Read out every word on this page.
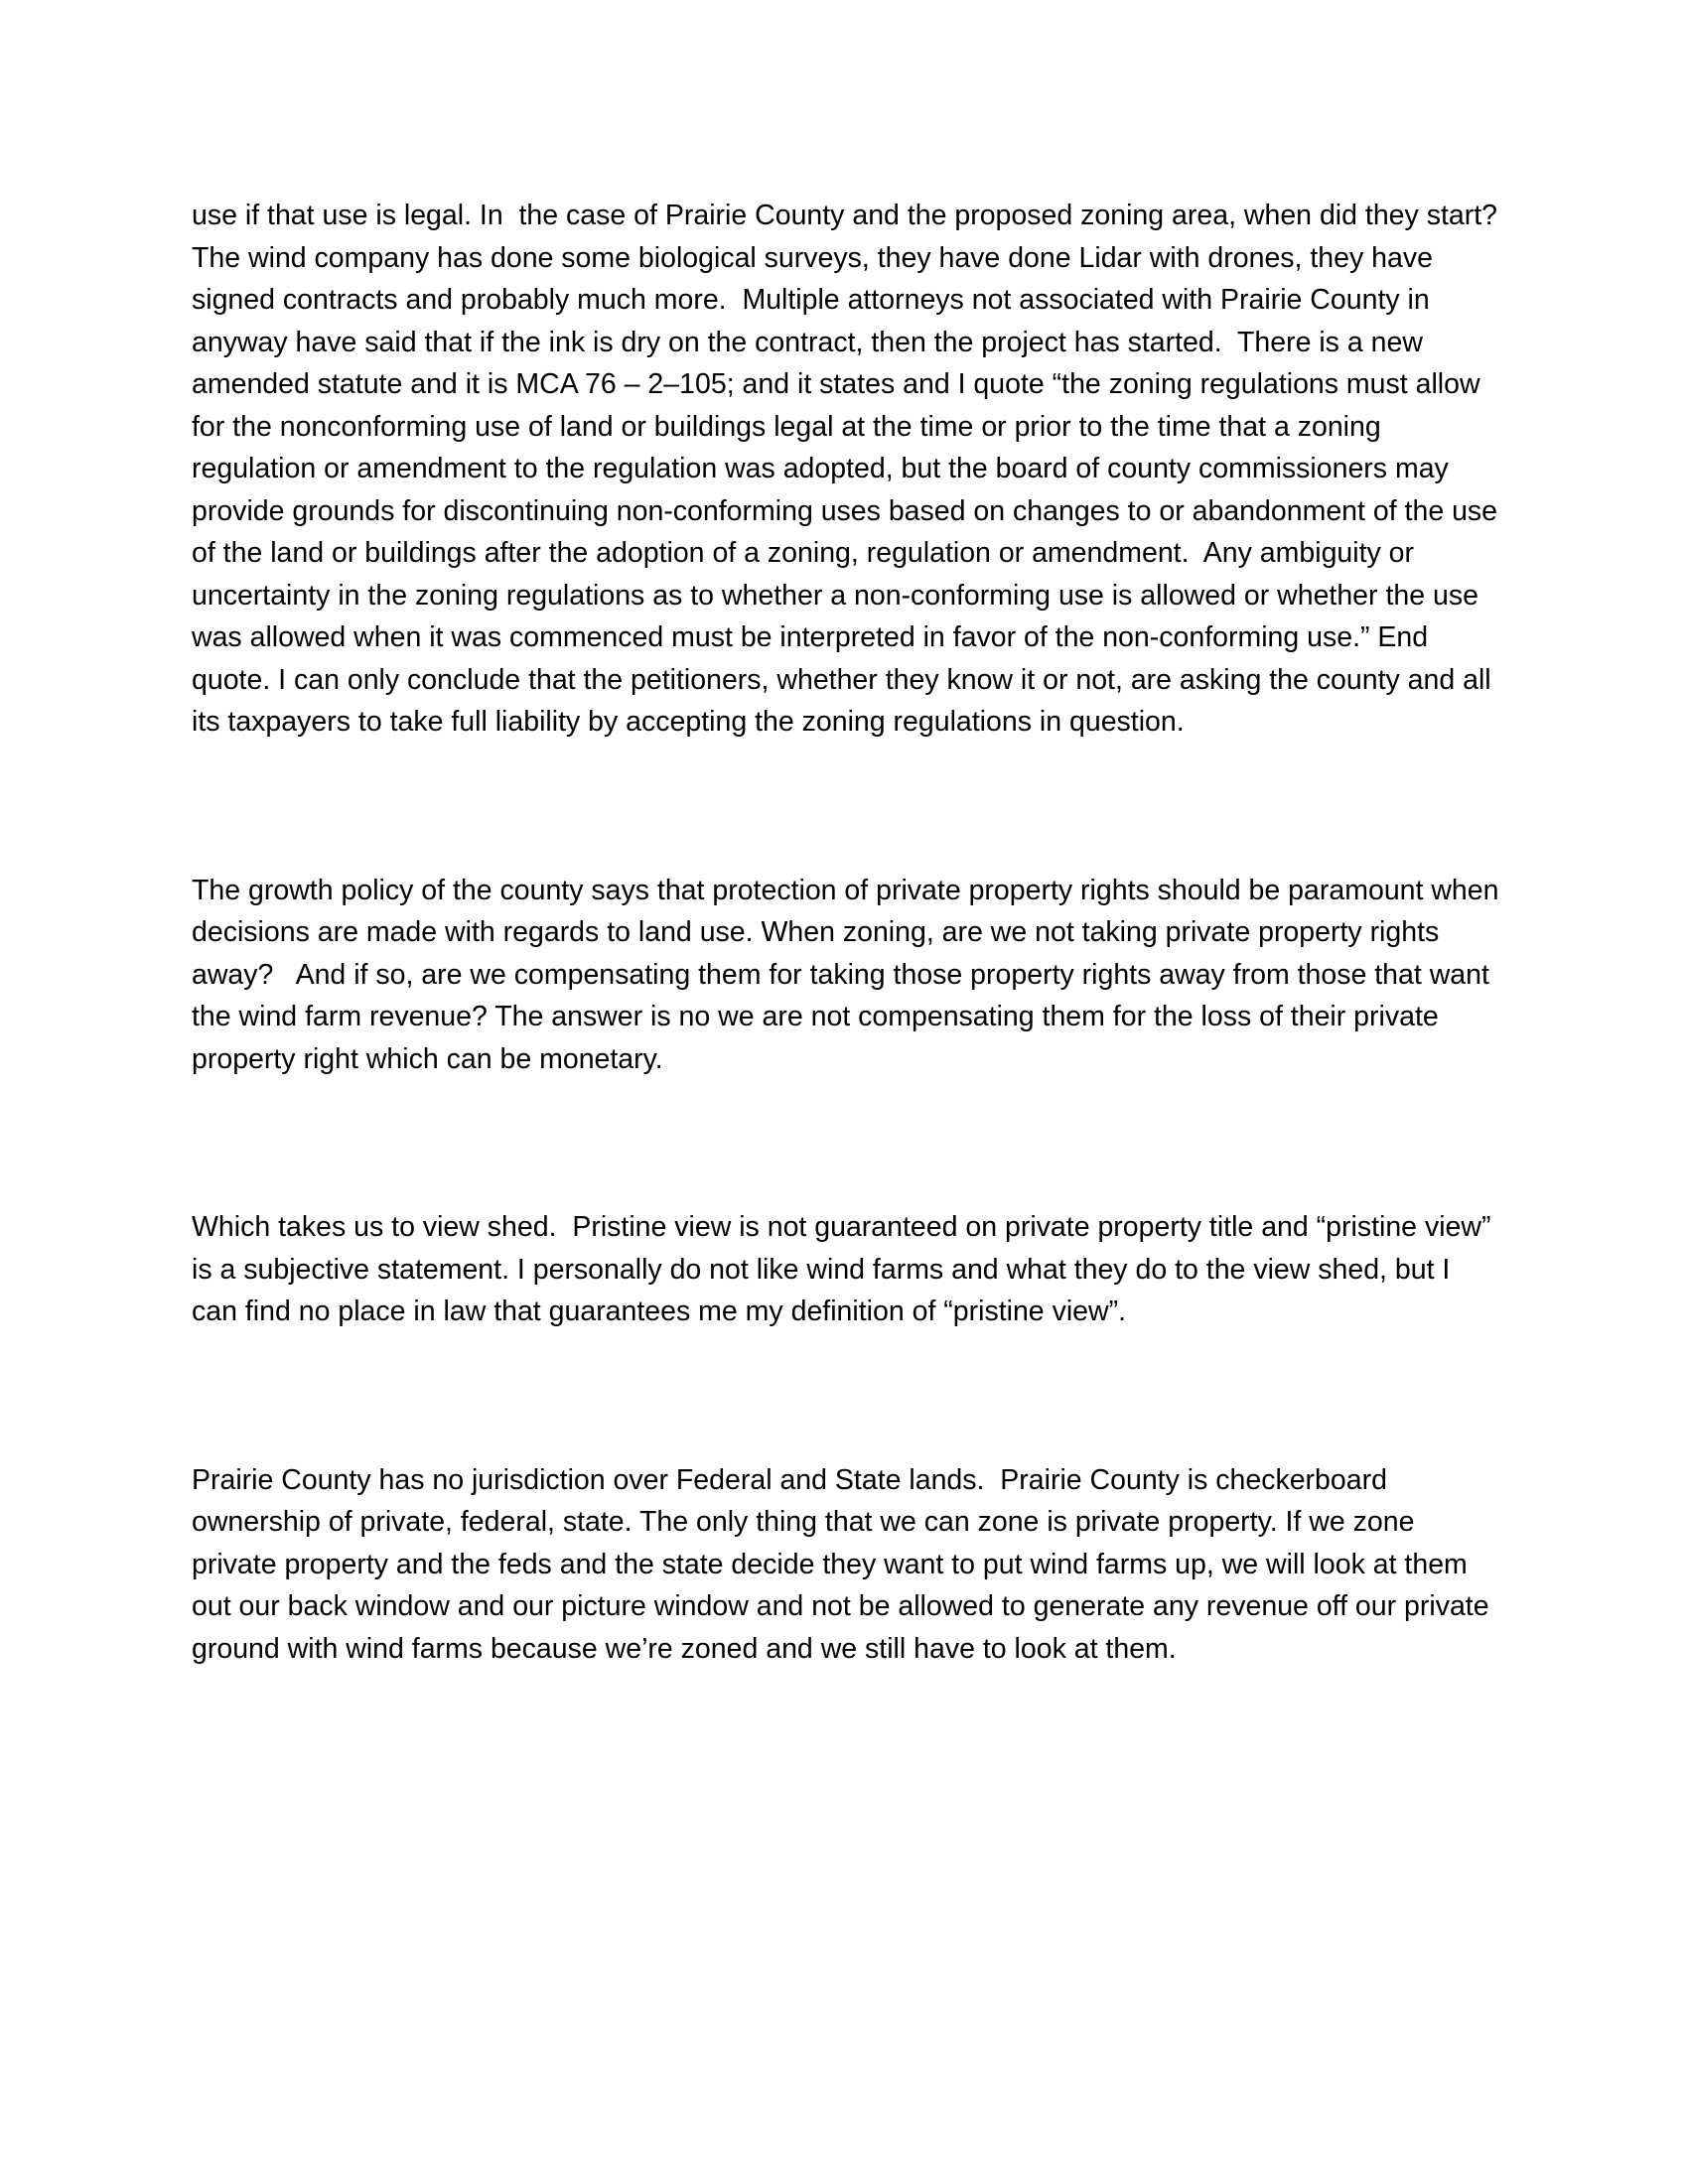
use if that use is legal. In  the case of Prairie County and the proposed zoning area, when did they start?  The wind company has done some biological surveys, they have done Lidar with drones, they have signed contracts and probably much more.  Multiple attorneys not associated with Prairie County in anyway have said that if the ink is dry on the contract, then the project has started.  There is a new amended statute and it is MCA 76 – 2–105; and it states and I quote “the zoning regulations must allow for the nonconforming use of land or buildings legal at the time or prior to the time that a zoning regulation or amendment to the regulation was adopted, but the board of county commissioners may provide grounds for discontinuing non-conforming uses based on changes to or abandonment of the use of the land or buildings after the adoption of a zoning, regulation or amendment.  Any ambiguity or uncertainty in the zoning regulations as to whether a non-conforming use is allowed or whether the use was allowed when it was commenced must be interpreted in favor of the non-conforming use.” End quote. I can only conclude that the petitioners, whether they know it or not, are asking the county and all its taxpayers to take full liability by accepting the zoning regulations in question.

The growth policy of the county says that protection of private property rights should be paramount when decisions are made with regards to land use. When zoning, are we not taking private property rights away?   And if so, are we compensating them for taking those property rights away from those that want the wind farm revenue? The answer is no we are not compensating them for the loss of their private property right which can be monetary.

Which takes us to view shed.  Pristine view is not guaranteed on private property title and “pristine view” is a subjective statement. I personally do not like wind farms and what they do to the view shed, but I can find no place in law that guarantees me my definition of “pristine view”.

Prairie County has no jurisdiction over Federal and State lands.  Prairie County is checkerboard ownership of private, federal, state. The only thing that we can zone is private property. If we zone private property and the feds and the state decide they want to put wind farms up, we will look at them out our back window and our picture window and not be allowed to generate any revenue off our private ground with wind farms because we’re zoned and we still have to look at them.
